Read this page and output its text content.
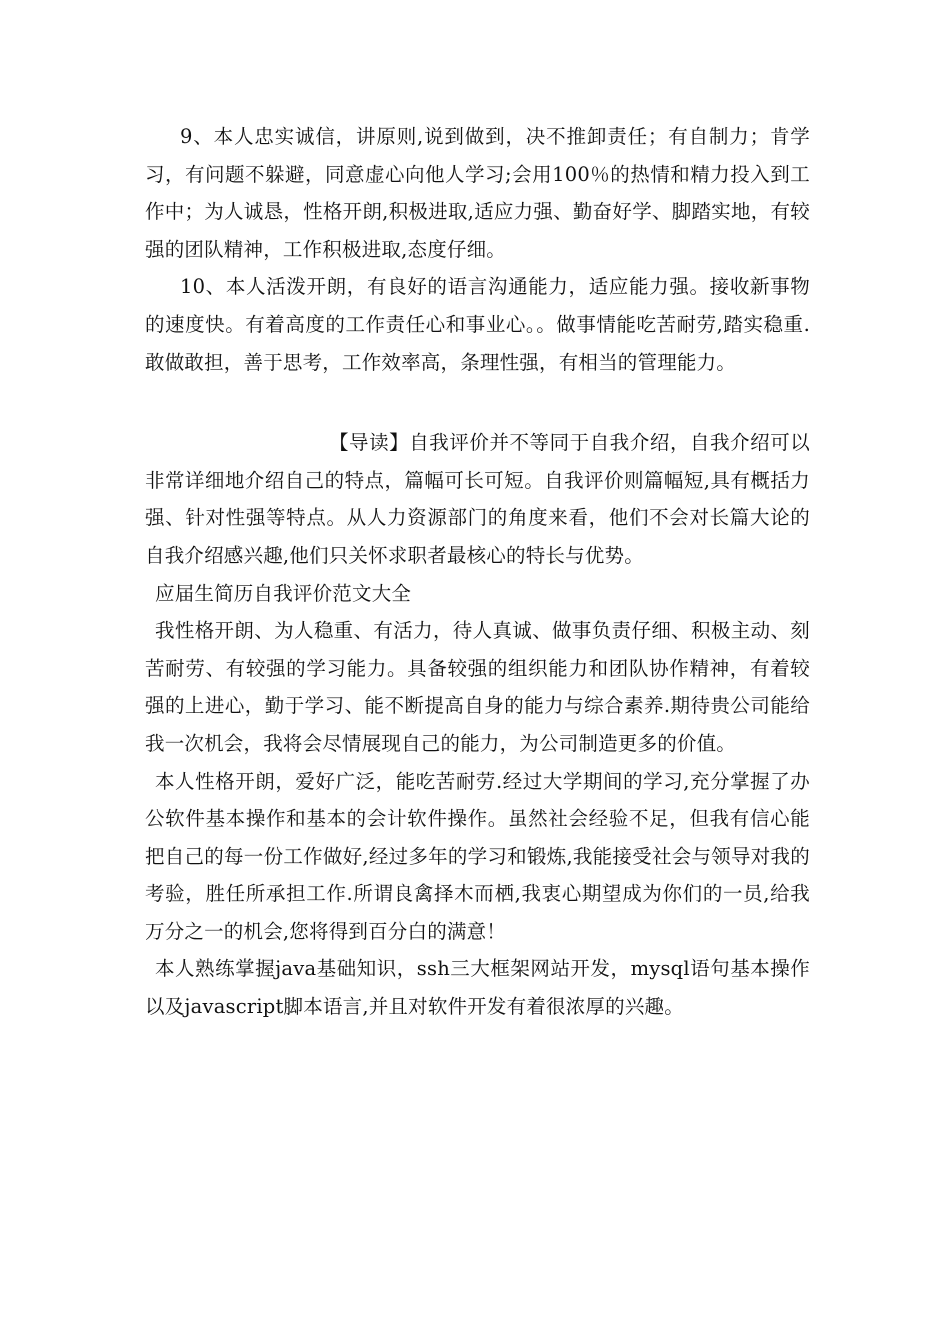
9、本人忠实诚信，讲原则,说到做到，决不推卸责任；有自制力；肯学习，有问题不躲避，同意虚心向他人学习;会用100％的热情和精力投入到工作中；为人诚恳，性格开朗,积极进取,适应力强、勤奋好学、脚踏实地，有较强的团队精神，工作积极进取,态度仔细。

10、本人活泼开朗，有良好的语言沟通能力，适应能力强。接收新事物的速度快。有着高度的工作责任心和事业心。。做事情能吃苦耐劳,踏实稳重.敢做敢担，善于思考，工作效率高，条理性强，有相当的管理能力。

【导读】自我评价并不等同于自我介绍，自我介绍可以非常详细地介绍自己的特点，篇幅可长可短。自我评价则篇幅短,具有概括力强、针对性强等特点。从人力资源部门的角度来看，他们不会对长篇大论的自我介绍感兴趣,他们只关怀求职者最核心的特长与优势。

应届生简历自我评价范文大全

我性格开朗、为人稳重、有活力，待人真诚、做事负责仔细、积极主动、刻苦耐劳、有较强的学习能力。具备较强的组织能力和团队协作精神，有着较强的上进心，勤于学习、能不断提高自身的能力与综合素养.期待贵公司能给我一次机会，我将会尽情展现自己的能力，为公司制造更多的价值。

本人性格开朗，爱好广泛，能吃苦耐劳.经过大学期间的学习,充分掌握了办公软件基本操作和基本的会计软件操作。虽然社会经验不足，但我有信心能把自己的每一份工作做好,经过多年的学习和锻炼,我能接受社会与领导对我的考验，胜任所承担工作.所谓良禽择木而栖,我衷心期望成为你们的一员,给我万分之一的机会,您将得到百分白的满意！

本人熟练掌握java基础知识，ssh三大框架网站开发，mysql语句基本操作以及javascript脚本语言,并且对软件开发有着很浓厚的兴趣。
